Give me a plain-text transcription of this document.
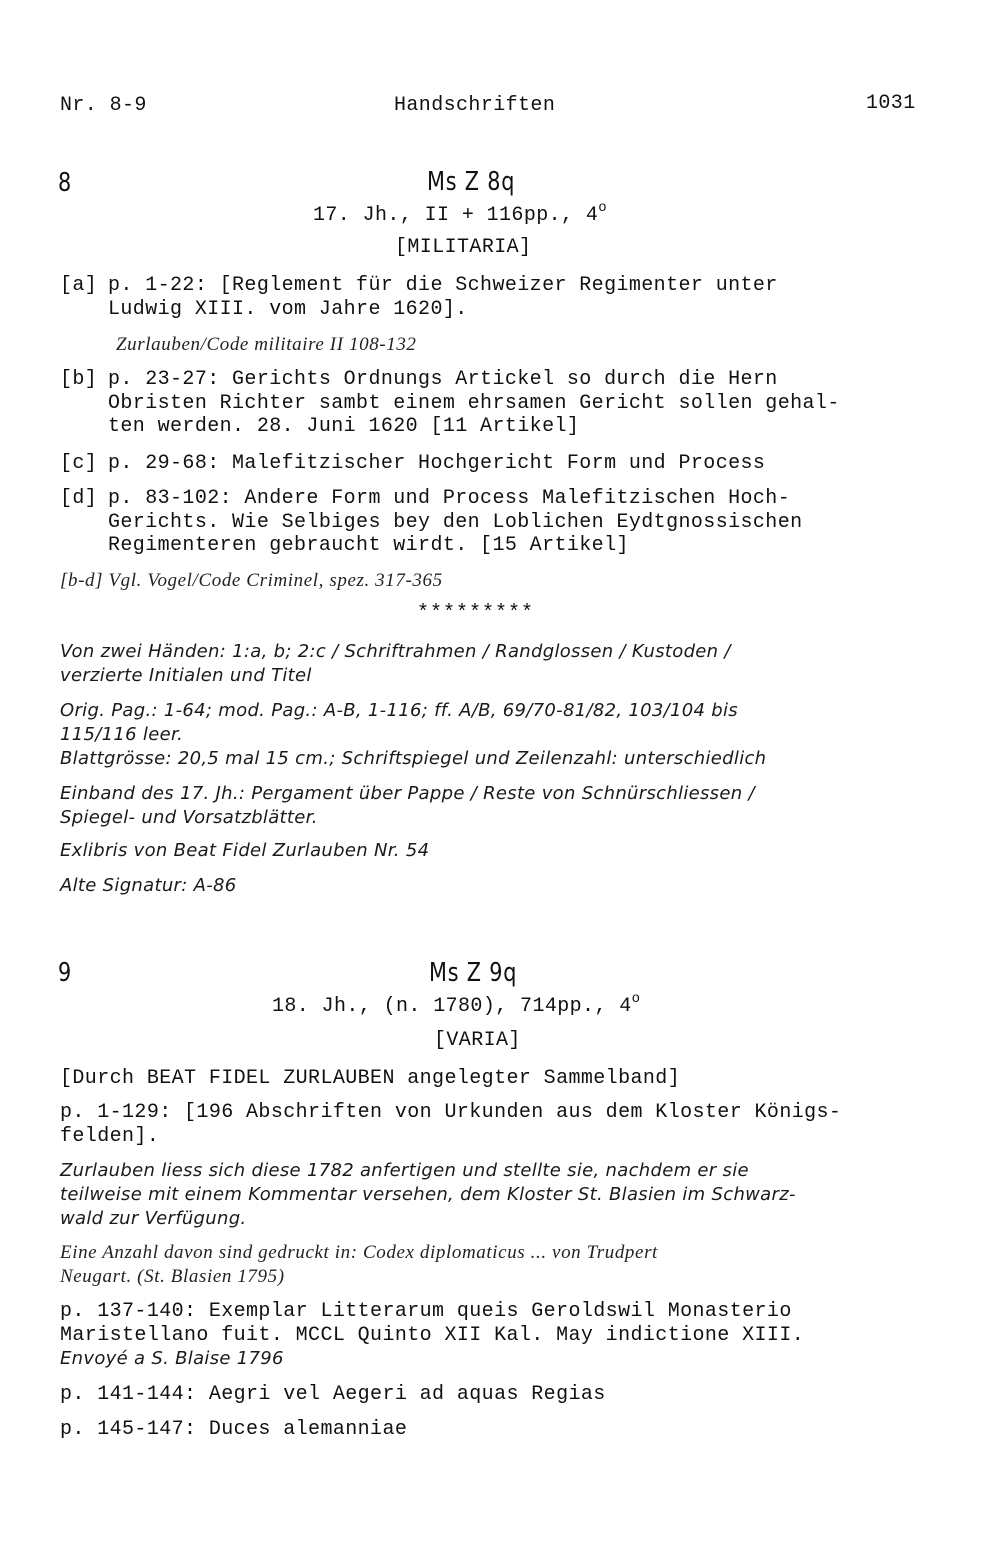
Nr. 8-9	Handschriften	1031
8	Ms Z 8q
17. Jh., II + 116pp., 4$^o$
[MILITARIA]
[a] p. 1-22: [Reglement für die Schweizer Regimenter unter
Ludwig XIII. vom Jahre 1620].
Zurlauben/Code militaire II 108-132
[b] p. 23-27: Gerichts Ordnungs Artickel so durch die Hern
Obristen Richter sambt einem ehrsamen Gericht sollen gehal-
ten werden. 28. Juni 1620 [11 Artikel]
[c] p. 29-68: Malefitzischer Hochgericht Form und Process
[d] p. 83-102: Andere Form und Process Malefitzischen Hoch-
Gerichts. Wie Selbiges bey den Loblichen Eydtgnossischen
Regimenteren gebraucht wirdt. [15 Artikel]
[b-d] Vgl. Vogel/Code Criminel, spez. 317-365
*********
Von zwei Händen: 1:a, b; 2:c / Schriftrahmen / Randglossen / Kustoden /
verzierte Initialen und Titel
Orig. Pag.: 1-64; mod. Pag.: A-B, 1-116; ff. A/B, 69/70-81/82, 103/104 bis
115/116 leer.
Blattgrösse: 20,5 mal 15 cm.; Schriftspiegel und Zeilenzahl: unterschiedlich
Einband des 17. Jh.: Pergament über Pappe / Reste von Schnürschliessen /
Spiegel- und Vorsatzblätter.
Exlibris von Beat Fidel Zurlauben Nr. 54
Alte Signatur: A-86
9	Ms Z 9q
18. Jh., (n. 1780), 714pp., 4$^o$
[VARIA]
[Durch BEAT FIDEL ZURLAUBEN angelegter Sammelband]
p. 1-129: [196 Abschriften von Urkunden aus dem Kloster Königs-
felden].
Zurlauben liess sich diese 1782 anfertigen und stellte sie, nachdem er sie
teilweise mit einem Kommentar versehen, dem Kloster St. Blasien im Schwarz-
wald zur Verfügung.
Eine Anzahl davon sind gedruckt in: Codex diplomaticus ... von Trudpert
Neugart. (St. Blasien 1795)
p. 137-140: Exemplar Litterarum queis Geroldswil Monasterio
Maristellano fuit. MCCL Quinto XII Kal. May indictione XIII.
Envoyé a S. Blaise 1796
p. 141-144: Aegri vel Aegeri ad aquas Regias
p. 145-147: Duces alemanniae
